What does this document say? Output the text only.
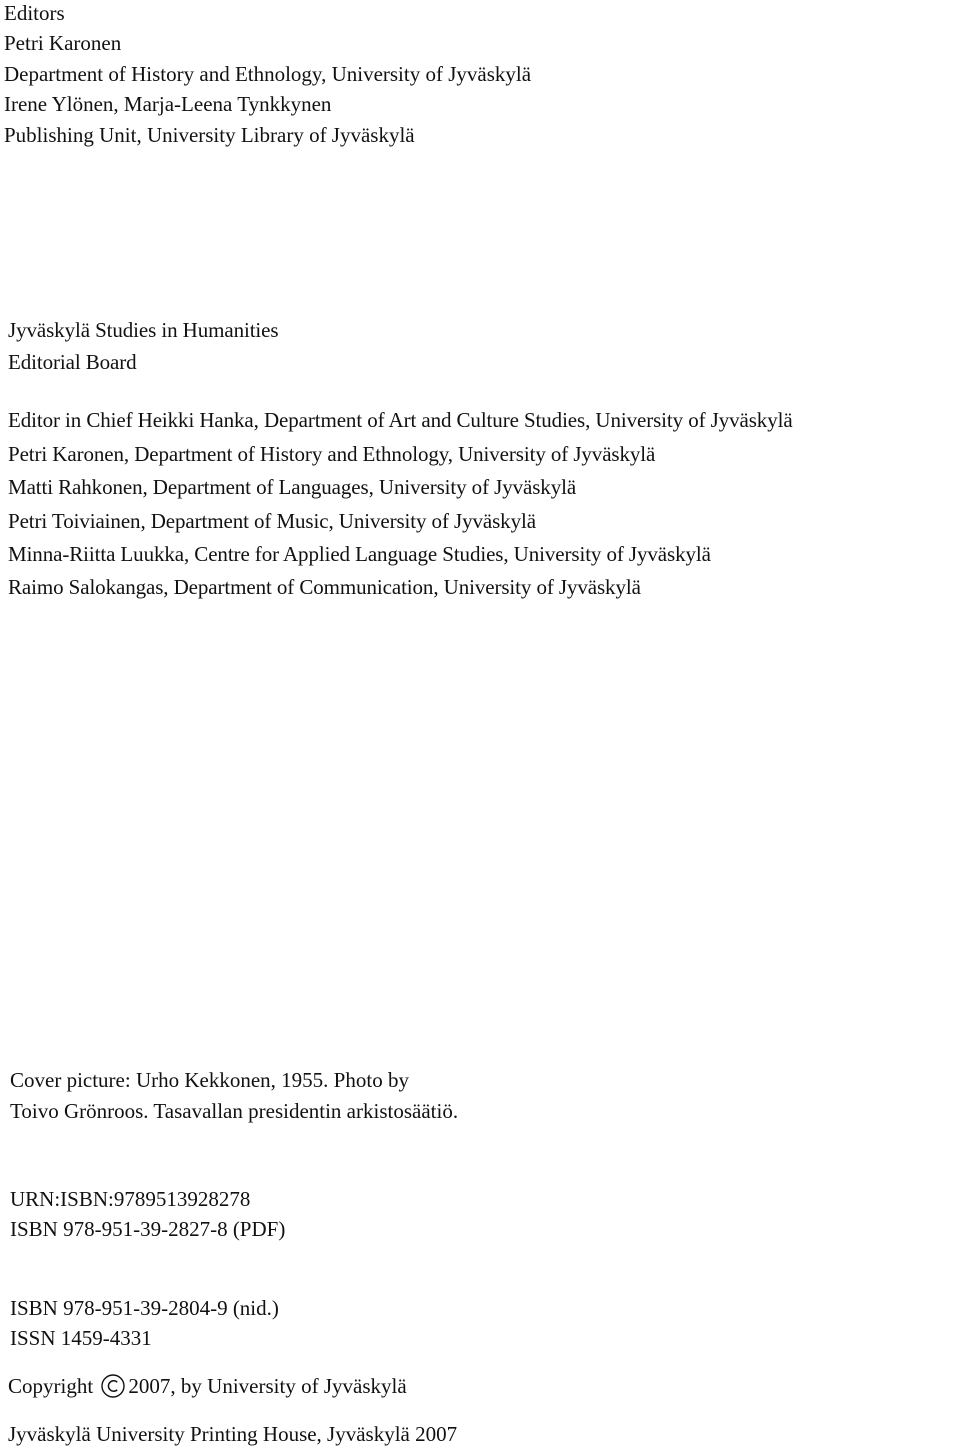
Editors
Petri Karonen
Department of History and Ethnology, University of Jyväskylä
Irene Ylönen, Marja-Leena Tynkkynen
Publishing Unit, University Library of Jyväskylä
Jyväskylä Studies in Humanities
Editorial Board
Editor in Chief Heikki Hanka, Department of Art and Culture Studies, University of Jyväskylä
Petri Karonen, Department of History and Ethnology, University of Jyväskylä
Matti Rahkonen, Department of Languages, University of Jyväskylä
Petri Toiviainen, Department of Music, University of Jyväskylä
Minna-Riitta Luukka, Centre for Applied Language Studies, University of Jyväskylä
Raimo Salokangas, Department of Communication, University of Jyväskylä
Cover picture: Urho Kekkonen, 1955. Photo by
Toivo Grönroos. Tasavallan presidentin arkistosäätiö.
URN:ISBN:9789513928278
ISBN 978-951-39-2827-8 (PDF)
ISBN 978-951-39-2804-9 (nid.)
ISSN 1459-4331
Copyright 2007, by University of Jyväskylä
Jyväskylä University Printing House, Jyväskylä 2007
